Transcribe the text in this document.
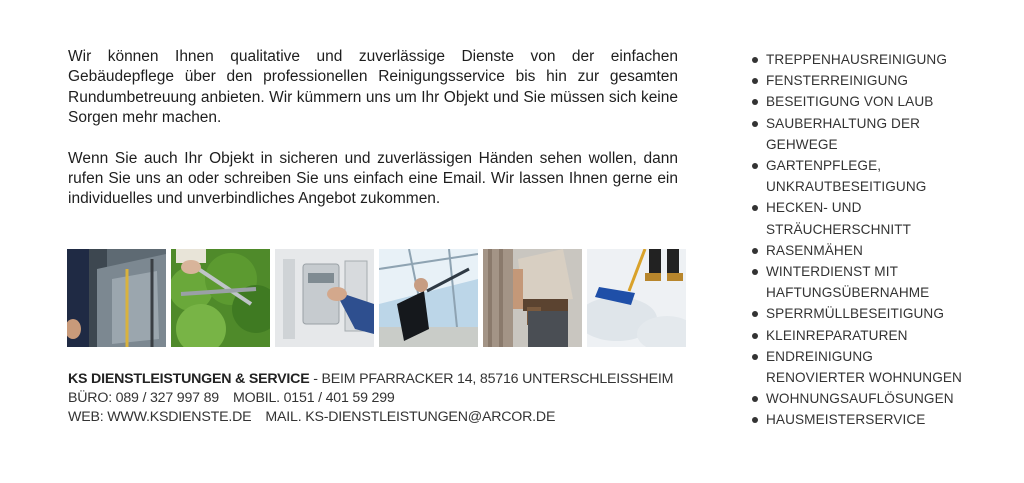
Wir können Ihnen qualitative und zuverlässige Dienste von der einfachen Gebäudepflege über den professionellen Reinigungsservice bis hin zur gesamten Rundumbetreuung anbieten. Wir kümmern uns um Ihr Objekt und Sie müssen sich keine Sorgen mehr machen.

Wenn Sie auch Ihr Objekt in sicheren und zuverlässigen Händen sehen wollen, dann rufen Sie uns an oder schreiben Sie uns einfach eine Email. Wir lassen Ihnen gerne ein individuelles und unverbindliches Angebot zukommen.

KS DIENSTLEISTUNGEN & SERVICE - BEIM PFARRACKER 14, 85716 UNTERSCHLEISSHEIM
BÜRO: 089 / 327 997 89 MOBIL. 0151 / 401 59 299
WEB: WWW.KSDIENSTE.DE MAIL. KS-DIENSTLEISTUNGEN@ARCOR.DE
TREPPENHAUSREINIGUNG
FENSTERREINIGUNG
BESEITIGUNG VON LAUB
SAUBERHALTUNG DER
GEHWEGE
GARTENPFLEGE,
UNKRAUTBESEITIGUNG
HECKEN- UND
STRÄUCHERSCHNITT
RASENMÄHEN
WINTERDIENST MIT
HAFTUNGSÜBERNAHME
SPERRMÜLLBESEITIGUNG
KLEINREPARATUREN
ENDREINIGUNG
RENOVIERTER WOHNUNGEN
WOHNUNGSAUFLÖSUNGEN
HAUSMEISTERSERVICE
